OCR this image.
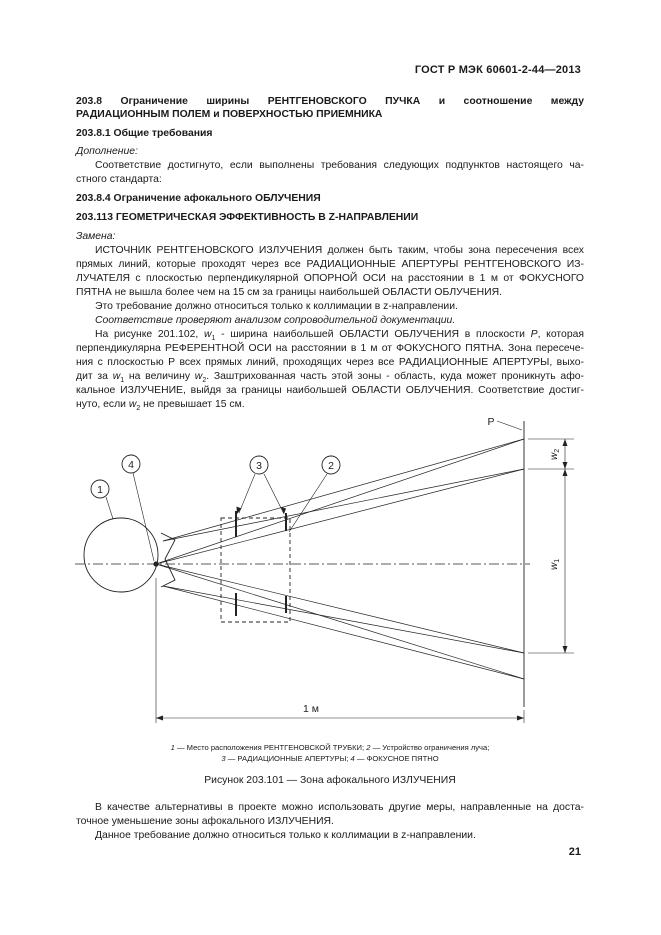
ГОСТ Р МЭК 60601-2-44—2013
203.8 Ограничение ширины РЕНТГЕНОВСКОГО ПУЧКА и соотношение между
РАДИАЦИОННЫМ ПОЛЕМ и ПОВЕРХНОСТЬЮ ПРИЕМНИКА
203.8.1 Общие требования
Дополнение:
Соответствие достигнуто, если выполнены требования следующих подпунктов настоящего ча-
стного стандарта:
203.8.4 Ограничение афокального ОБЛУЧЕНИЯ
203.113 ГЕОМЕТРИЧЕСКАЯ ЭФФЕКТИВНОСТЬ В Z-НАПРАВЛЕНИИ
Замена:
ИСТОЧНИК РЕНТГЕНОВСКОГО ИЗЛУЧЕНИЯ должен быть таким, чтобы зона пересечения всех
прямых линий, которые проходят через все РАДИАЦИОННЫЕ АПЕРТУРЫ РЕНТГЕНОВСКОГО ИЗ-
ЛУЧАТЕЛЯ с плоскостью перпендикулярной ОПОРНОЙ ОСИ на расстоянии в 1 м от ФОКУСНОГО
ПЯТНА не вышла более чем на 15 см за границы наибольшей ОБЛАСТИ ОБЛУЧЕНИЯ.
Это требование должно относиться только к коллимации в z-направлении.
Соответствие проверяют анализом сопроводительной документации.
На рисунке 201.102, $w_1$ - ширина наибольшей ОБЛАСТИ ОБЛУЧЕНИЯ в плоскости P, которая
перпендикулярна РЕФЕРЕНТНОЙ ОСИ на расстоянии в 1 м от ФОКУСНОГО ПЯТНА. Зона пересече-
ния с плоскостью Р всех прямых линий, проходящих через все РАДИАЦИОННЫЕ АПЕРТУРЫ, выхо-
дит за $w_1$ на величину $w_2$. Заштрихованная часть этой зоны - область, куда может проникнуть афо-
кальное ИЗЛУЧЕНИЕ, выйдя за границы наибольшей ОБЛАСТИ ОБЛУЧЕНИЯ. Соответствие достиг-
нуто, если $w_2$ не превышает 15 см.
1
4	3	2
P
1 м
$w_2$
$w_1$
1 — Место расположения РЕНТГЕНОВСКОЙ ТРУБКИ; 2 — Устройство ограничения луча;
3 — РАДИАЦИОННЫЕ АПЕРТУРЫ; 4 — ФОКУСНОЕ ПЯТНО
Рисунок 203.101 — Зона афокального ИЗЛУЧЕНИЯ
В качестве альтернативы в проекте можно использовать другие меры, направленные на доста-
точное уменьшение зоны афокального ИЗЛУЧЕНИЯ.
Данное требование должно относиться только к коллимации в z-направлении.
21
